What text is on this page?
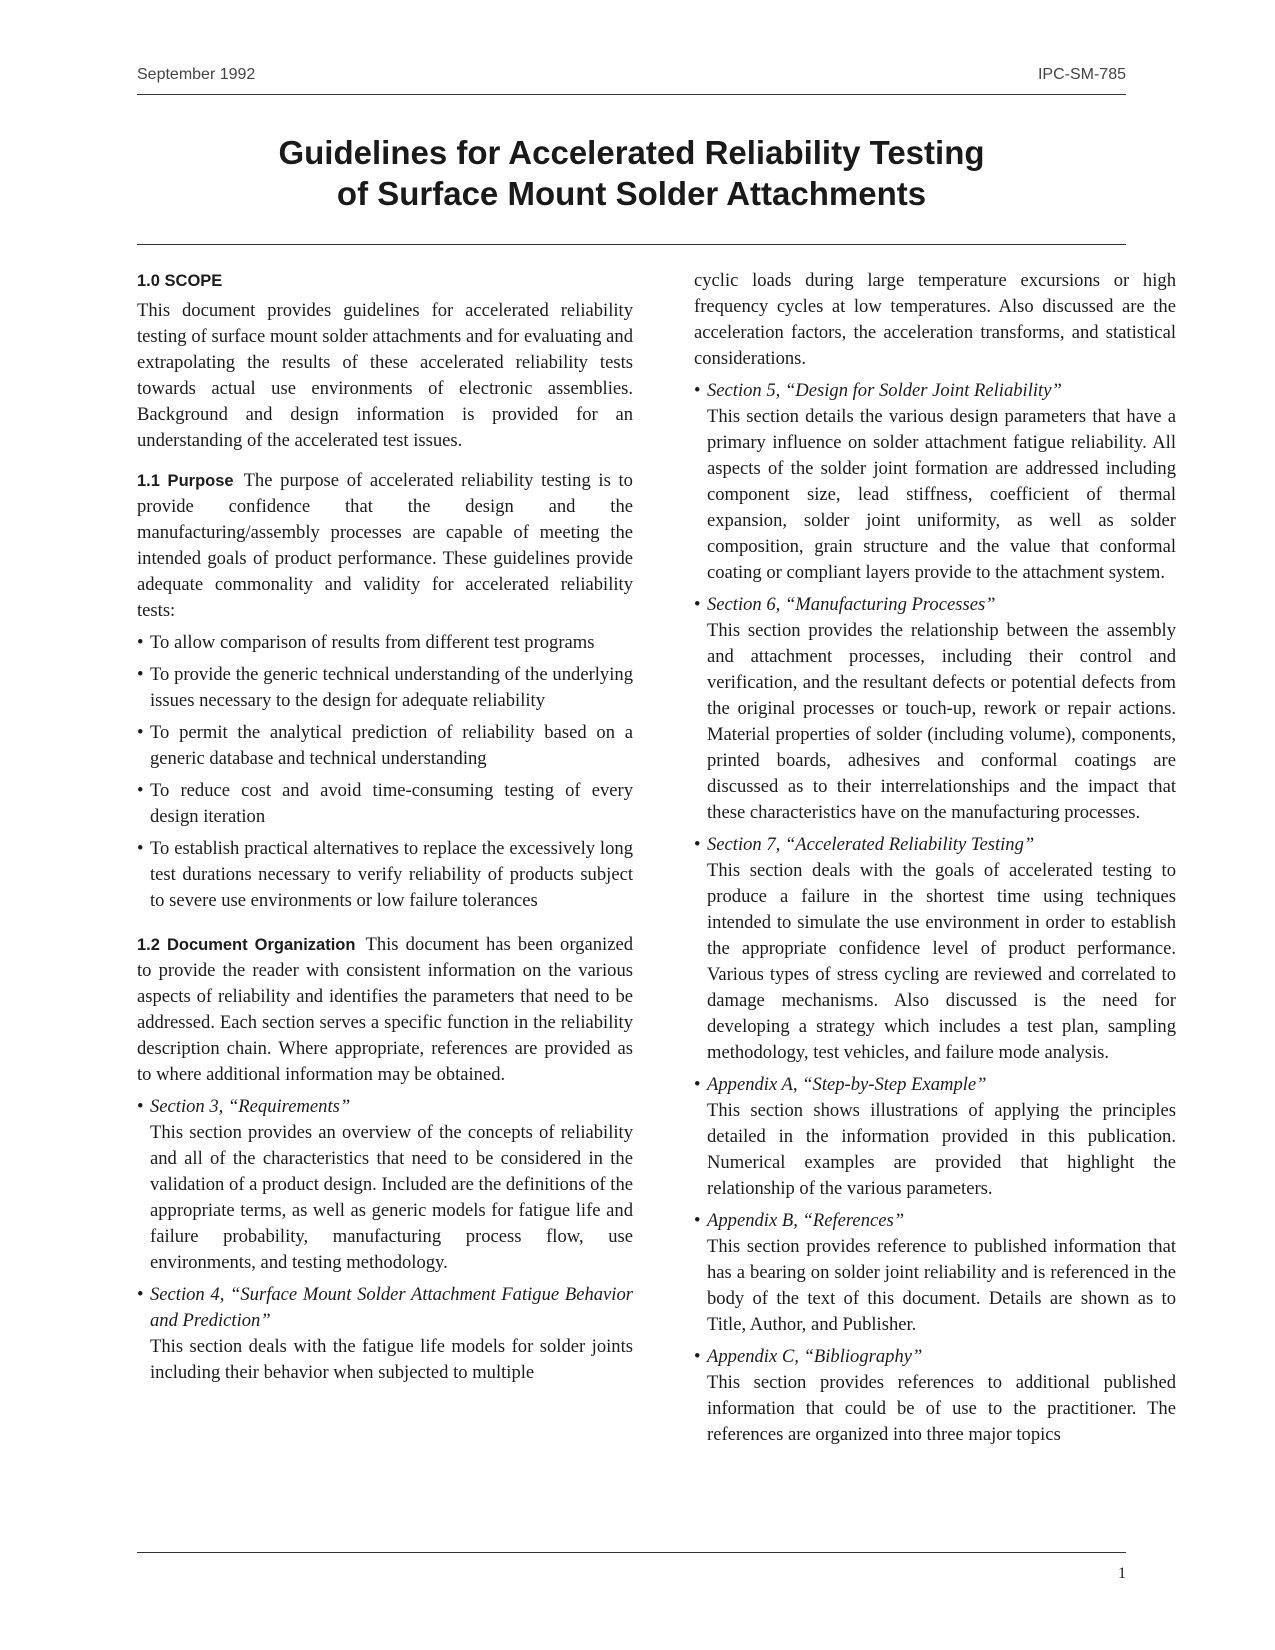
September 1992	IPC-SM-785
Guidelines for Accelerated Reliability Testing
of Surface Mount Solder Attachments
1.0 SCOPE

This document provides guidelines for accelerated reliability testing of surface mount solder attachments and for evaluating and extrapolating the results of these accelerated reliability tests towards actual use environments of electronic assemblies. Background and design information is provided for an understanding of the accelerated test issues.

1.1 Purpose The purpose of accelerated reliability testing is to provide confidence that the design and the manufacturing/assembly processes are capable of meeting the intended goals of product performance. These guidelines provide adequate commonality and validity for accelerated reliability tests:

• To allow comparison of results from different test programs
• To provide the generic technical understanding of the underlying issues necessary to the design for adequate reliability
• To permit the analytical prediction of reliability based on a generic database and technical understanding
• To reduce cost and avoid time-consuming testing of every design iteration
• To establish practical alternatives to replace the excessively long test durations necessary to verify reliability of products subject to severe use environments or low failure tolerances

1.2 Document Organization This document has been organized to provide the reader with consistent information on the various aspects of reliability and identifies the parameters that need to be addressed. Each section serves a specific function in the reliability description chain. Where appropriate, references are provided as to where additional information may be obtained.

• Section 3, “Requirements”
This section provides an overview of the concepts of reliability and all of the characteristics that need to be considered in the validation of a product design. Included are the definitions of the appropriate terms, as well as generic models for fatigue life and failure probability, manufacturing process flow, use environments, and testing methodology.
• Section 4, “Surface Mount Solder Attachment Fatigue Behavior and Prediction”
This section deals with the fatigue life models for solder joints including their behavior when subjected to multiple

cyclic loads during large temperature excursions or high frequency cycles at low temperatures. Also discussed are the acceleration factors, the acceleration transforms, and statistical considerations.

• Section 5, “Design for Solder Joint Reliability”
This section details the various design parameters that have a primary influence on solder attachment fatigue reliability. All aspects of the solder joint formation are addressed including component size, lead stiffness, coefficient of thermal expansion, solder joint uniformity, as well as solder composition, grain structure and the value that conformal coating or compliant layers provide to the attachment system.
• Section 6, “Manufacturing Processes”
This section provides the relationship between the assembly and attachment processes, including their control and verification, and the resultant defects or potential defects from the original processes or touch-up, rework or repair actions. Material properties of solder (including volume), components, printed boards, adhesives and conformal coatings are discussed as to their interrelationships and the impact that these characteristics have on the manufacturing processes.
• Section 7, “Accelerated Reliability Testing”
This section deals with the goals of accelerated testing to produce a failure in the shortest time using techniques intended to simulate the use environment in order to establish the appropriate confidence level of product performance. Various types of stress cycling are reviewed and correlated to damage mechanisms. Also discussed is the need for developing a strategy which includes a test plan, sampling methodology, test vehicles, and failure mode analysis.
• Appendix A, “Step-by-Step Example”
This section shows illustrations of applying the principles detailed in the information provided in this publication. Numerical examples are provided that highlight the relationship of the various parameters.
• Appendix B, “References”
This section provides reference to published information that has a bearing on solder joint reliability and is referenced in the body of the text of this document. Details are shown as to Title, Author, and Publisher.
• Appendix C, “Bibliography”
This section provides references to additional published information that could be of use to the practitioner. The references are organized into three major topics
1
